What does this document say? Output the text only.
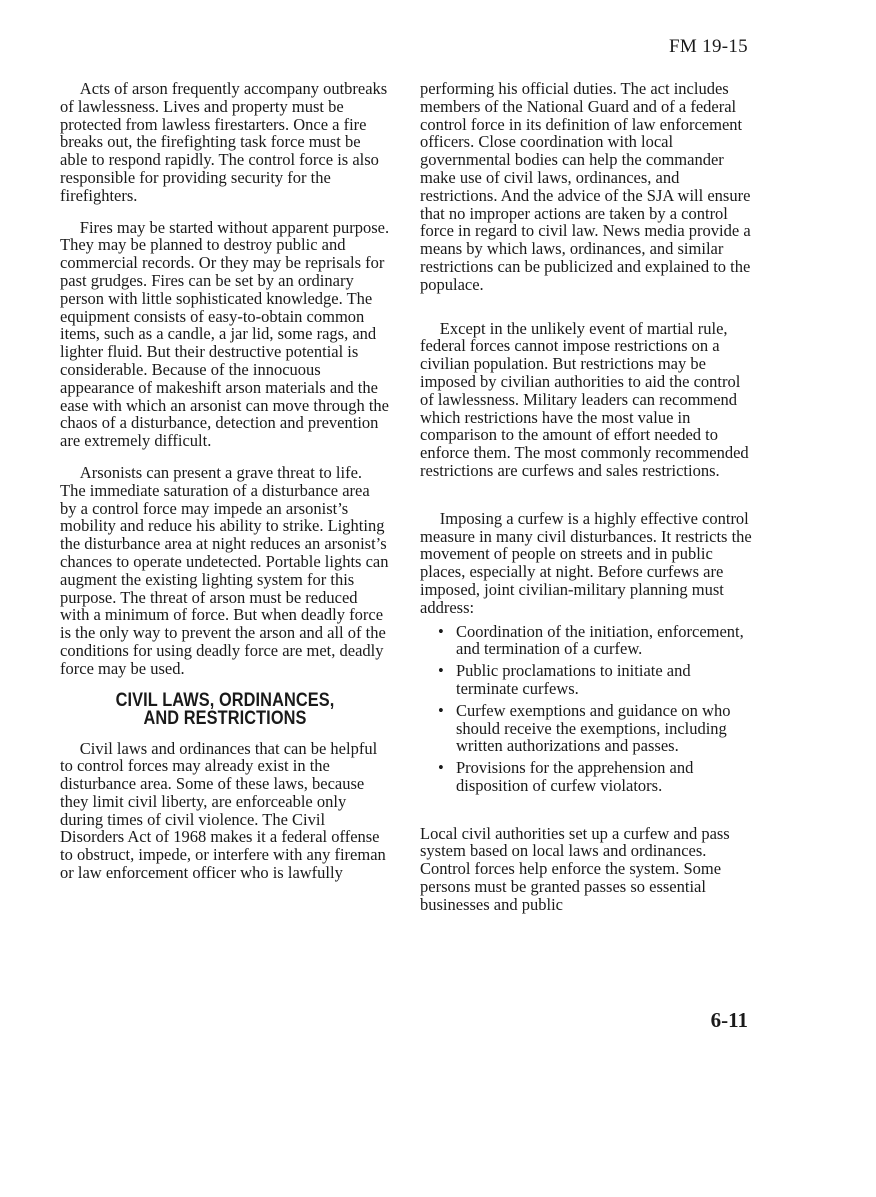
FM 19-15

Acts of arson frequently accompany outbreaks of lawlessness. Lives and property must be protected from lawless firestarters. Once a fire breaks out, the firefighting task force must be able to respond rapidly. The control force is also responsible for providing security for the firefighters.

Fires may be started without apparent purpose. They may be planned to destroy public and commercial records. Or they may be reprisals for past grudges. Fires can be set by an ordinary person with little sophisticated knowledge. The equipment consists of easy-to-obtain common items, such as a candle, a jar lid, some rags, and lighter fluid. But their destructive potential is considerable. Because of the innocuous appearance of makeshift arson materials and the ease with which an arsonist can move through the chaos of a disturbance, detection and prevention are extremely difficult.

Arsonists can present a grave threat to life. The immediate saturation of a disturbance area by a control force may impede an arsonist’s mobility and reduce his ability to strike. Lighting the disturbance area at night reduces an arsonist’s chances to operate undetected. Portable lights can augment the existing lighting system for this purpose. The threat of arson must be reduced with a minimum of force. But when deadly force is the only way to prevent the arson and all of the conditions for using deadly force are met, deadly force may be used.

CIVIL LAWS, ORDINANCES,
AND RESTRICTIONS

Civil laws and ordinances that can be helpful to control forces may already exist in the disturbance area. Some of these laws, because they limit civil liberty, are enforceable only during times of civil violence. The Civil Disorders Act of 1968 makes it a federal offense to obstruct, impede, or interfere with any fireman or law enforcement officer who is lawfully

performing his official duties. The act includes members of the National Guard and of a federal control force in its definition of law enforcement officers. Close coordination with local governmental bodies can help the commander make use of civil laws, ordinances, and restrictions. And the advice of the SJA will ensure that no improper actions are taken by a control force in regard to civil law. News media provide a means by which laws, ordinances, and similar restrictions can be publicized and explained to the populace.

Except in the unlikely event of martial rule, federal forces cannot impose restrictions on a civilian population. But restrictions may be imposed by civilian authorities to aid the control of lawlessness. Military leaders can recommend which restrictions have the most value in comparison to the amount of effort needed to enforce them. The most commonly recommended restrictions are curfews and sales restrictions.

Imposing a curfew is a highly effective control measure in many civil disturbances. It restricts the movement of people on streets and in public places, especially at night. Before curfews are imposed, joint civilian-military planning must address:

• Coordination of the initiation, enforcement, and termination of a curfew.
• Public proclamations to initiate and terminate curfews.
• Curfew exemptions and guidance on who should receive the exemptions, including written authorizations and passes.
• Provisions for the apprehension and disposition of curfew violators.

Local civil authorities set up a curfew and pass system based on local laws and ordinances. Control forces help enforce the system. Some persons must be granted passes so essential businesses and public

6-11
